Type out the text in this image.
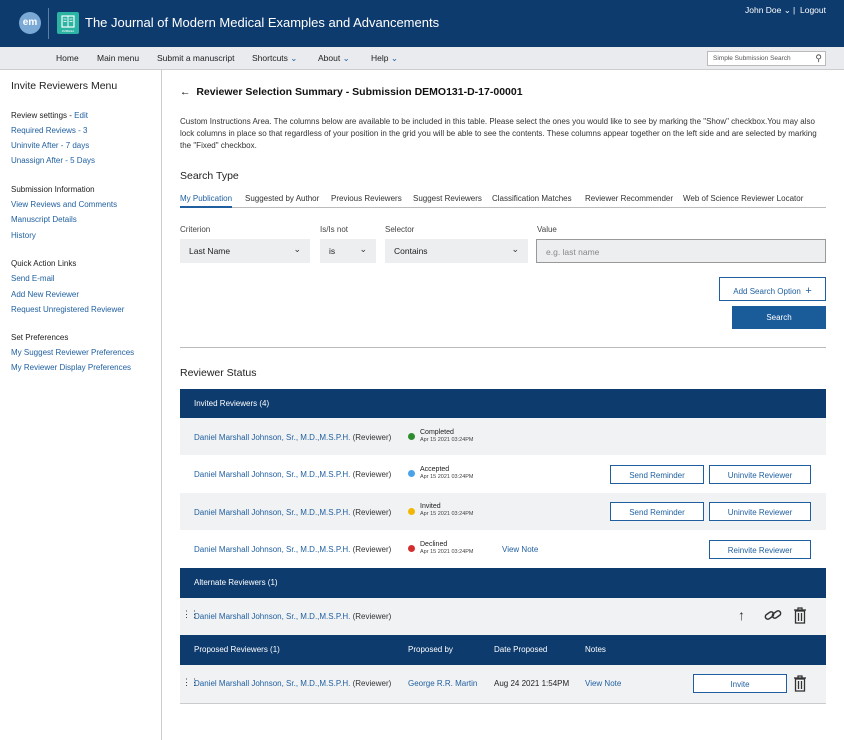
em
JMME&A
The Journal of Modern Medical Examples and Advancements
John Doe ⌄ | Logout
Home Main menu Submit a manuscript Shortcuts ⌄ About ⌄	Help ⌄	Simple Submission Search	⚲
Invite Reviewers Menu
Review settings - Edit
Required Reviews - 3
Uninvite After - 7 days
Unassign After - 5 Days
Submission Information
View Reviews and Comments
Manuscript Details
History
Quick Action Links
Send E-mail
Add New Reviewer
Request Unregistered Reviewer
Set Preferences
My Suggest Reviewer Preferences
My Reviewer Display Preferences
← Reviewer Selection Summary - Submission DEMO131-D-17-00001
Custom Instructions Area. The columns below are available to be included in this table. Please select the ones you would like to see by marking the "Show" checkbox.You may also lock columns in place so that regardless of your position in the grid you will be able to see the contents. These columns appear together on the left side and are selected by marking the "Fixed" checkbox.
Search Type
My Publication Suggested by Author Previous Reviewers Suggest Reviewers Classification Matches Reviewer Recommender Web of Science Reviewer Locator
Criterion	Is/Is not	Selector	Value
Last Name	⌄	is	⌄	Contains	⌄	e.g. last name
Add Search Option +
Search
Reviewer Status
Invited Reviewers (4)
Daniel Marshall Johnson, Sr., M.D.,M.S.P.H. (Reviewer)
Completed
Apr 15 2021 03:24PM
Daniel Marshall Johnson, Sr., M.D.,M.S.P.H. (Reviewer)
Accepted
Apr 15 2021 03:24PM	Send Reminder	Uninvite Reviewer
Daniel Marshall Johnson, Sr., M.D.,M.S.P.H. (Reviewer)
Invited
Apr 15 2021 03:24PM	Send Reminder	Uninvite Reviewer
Daniel Marshall Johnson, Sr., M.D.,M.S.P.H. (Reviewer)
Declined
Apr 15 2021 03:24PM	View Note	Reinvite Reviewer
Alternate Reviewers (1)
⋮⋮
Daniel Marshall Johnson, Sr., M.D.,M.S.P.H. (Reviewer)	↑
Proposed Reviewers (1)	Proposed by	Date Proposed	Notes
⋮⋮
Daniel Marshall Johnson, Sr., M.D.,M.S.P.H. (Reviewer) George R.R. Martin Aug 24 2021 1:54PM View Note	Invite
